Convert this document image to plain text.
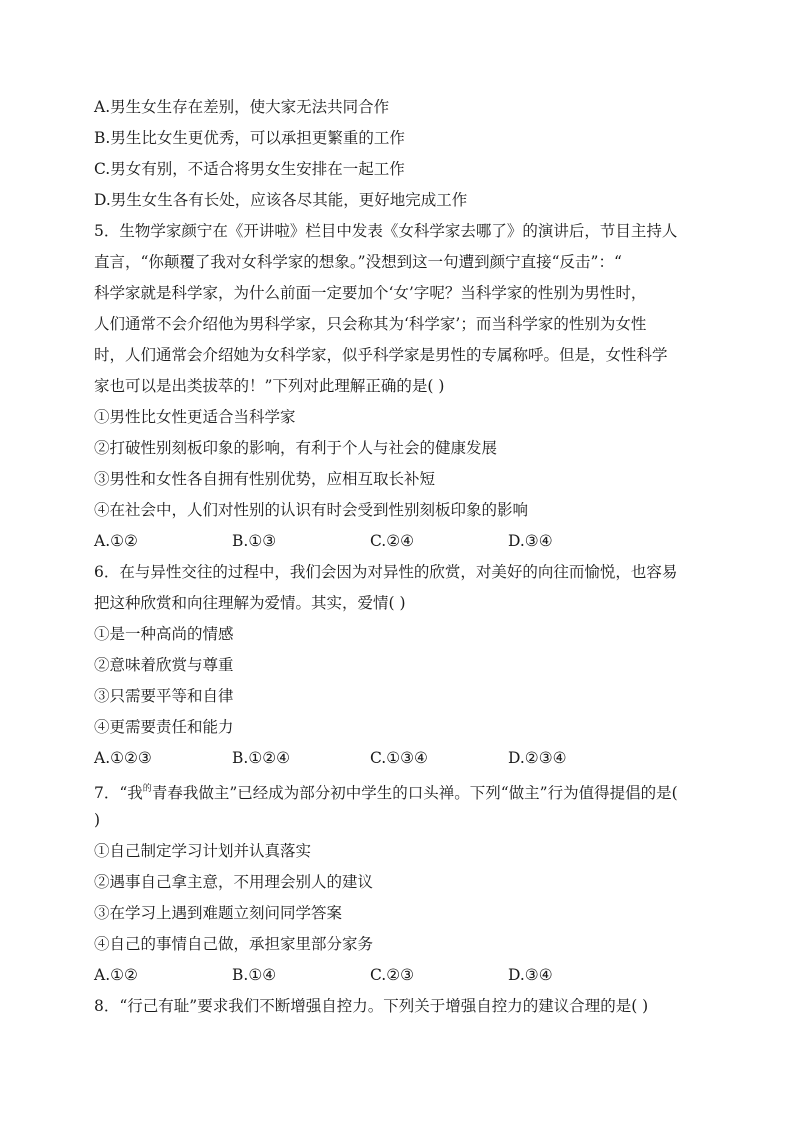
A.男生女生存在差别，使大家无法共同合作
B.男生比女生更优秀，可以承担更繁重的工作
C.男女有别，不适合将男女生安排在一起工作
D.男生女生各有长处，应该各尽其能，更好地完成工作
5．生物学家颜宁在《开讲啦》栏目中发表《女科学家去哪了》的演讲后，节目主持人
直言，“你颠覆了我对女科学家的想象。”没想到这一句遭到颜宁直接“反击”：“
科学家就是科学家，为什么前面一定要加个‘女’字呢？当科学家的性别为男性时，
人们通常不会介绍他为男科学家，只会称其为‘科学家’；而当科学家的性别为女性
时，人们通常会介绍她为女科学家，似乎科学家是男性的专属称呼。但是，女性科学
家也可以是出类拔萃的！”下列对此理解正确的是( )
①男性比女性更适合当科学家
②打破性别刻板印象的影响，有利于个人与社会的健康发展
③男性和女性各自拥有性别优势，应相互取长补短
④在社会中，人们对性别的认识有时会受到性别刻板印象的影响
A.①②	B.①③	C.②④	D.③④
6．在与异性交往的过程中，我们会因为对异性的欣赏，对美好的向往而愉悦，也容易
把这种欣赏和向往理解为爱情。其实，爱情( )
①是一种高尚的情感
②意味着欣赏与尊重
③只需要平等和自律
④更需要责任和能力
A.①②③	B.①②④	C.①③④	D.②③④
7．“我$^的$青春我做主”已经成为部分初中学生的口头禅。下列“做主”行为值得提倡的是(
)
①自己制定学习计划并认真落实
②遇事自己拿主意，不用理会别人的建议
③在学习上遇到难题立刻问同学答案
④自己的事情自己做，承担家里部分家务
A.①②	B.①④	C.②③	D.③④
8．“行己有耻”要求我们不断增强自控力。下列关于增强自控力的建议合理的是( )
